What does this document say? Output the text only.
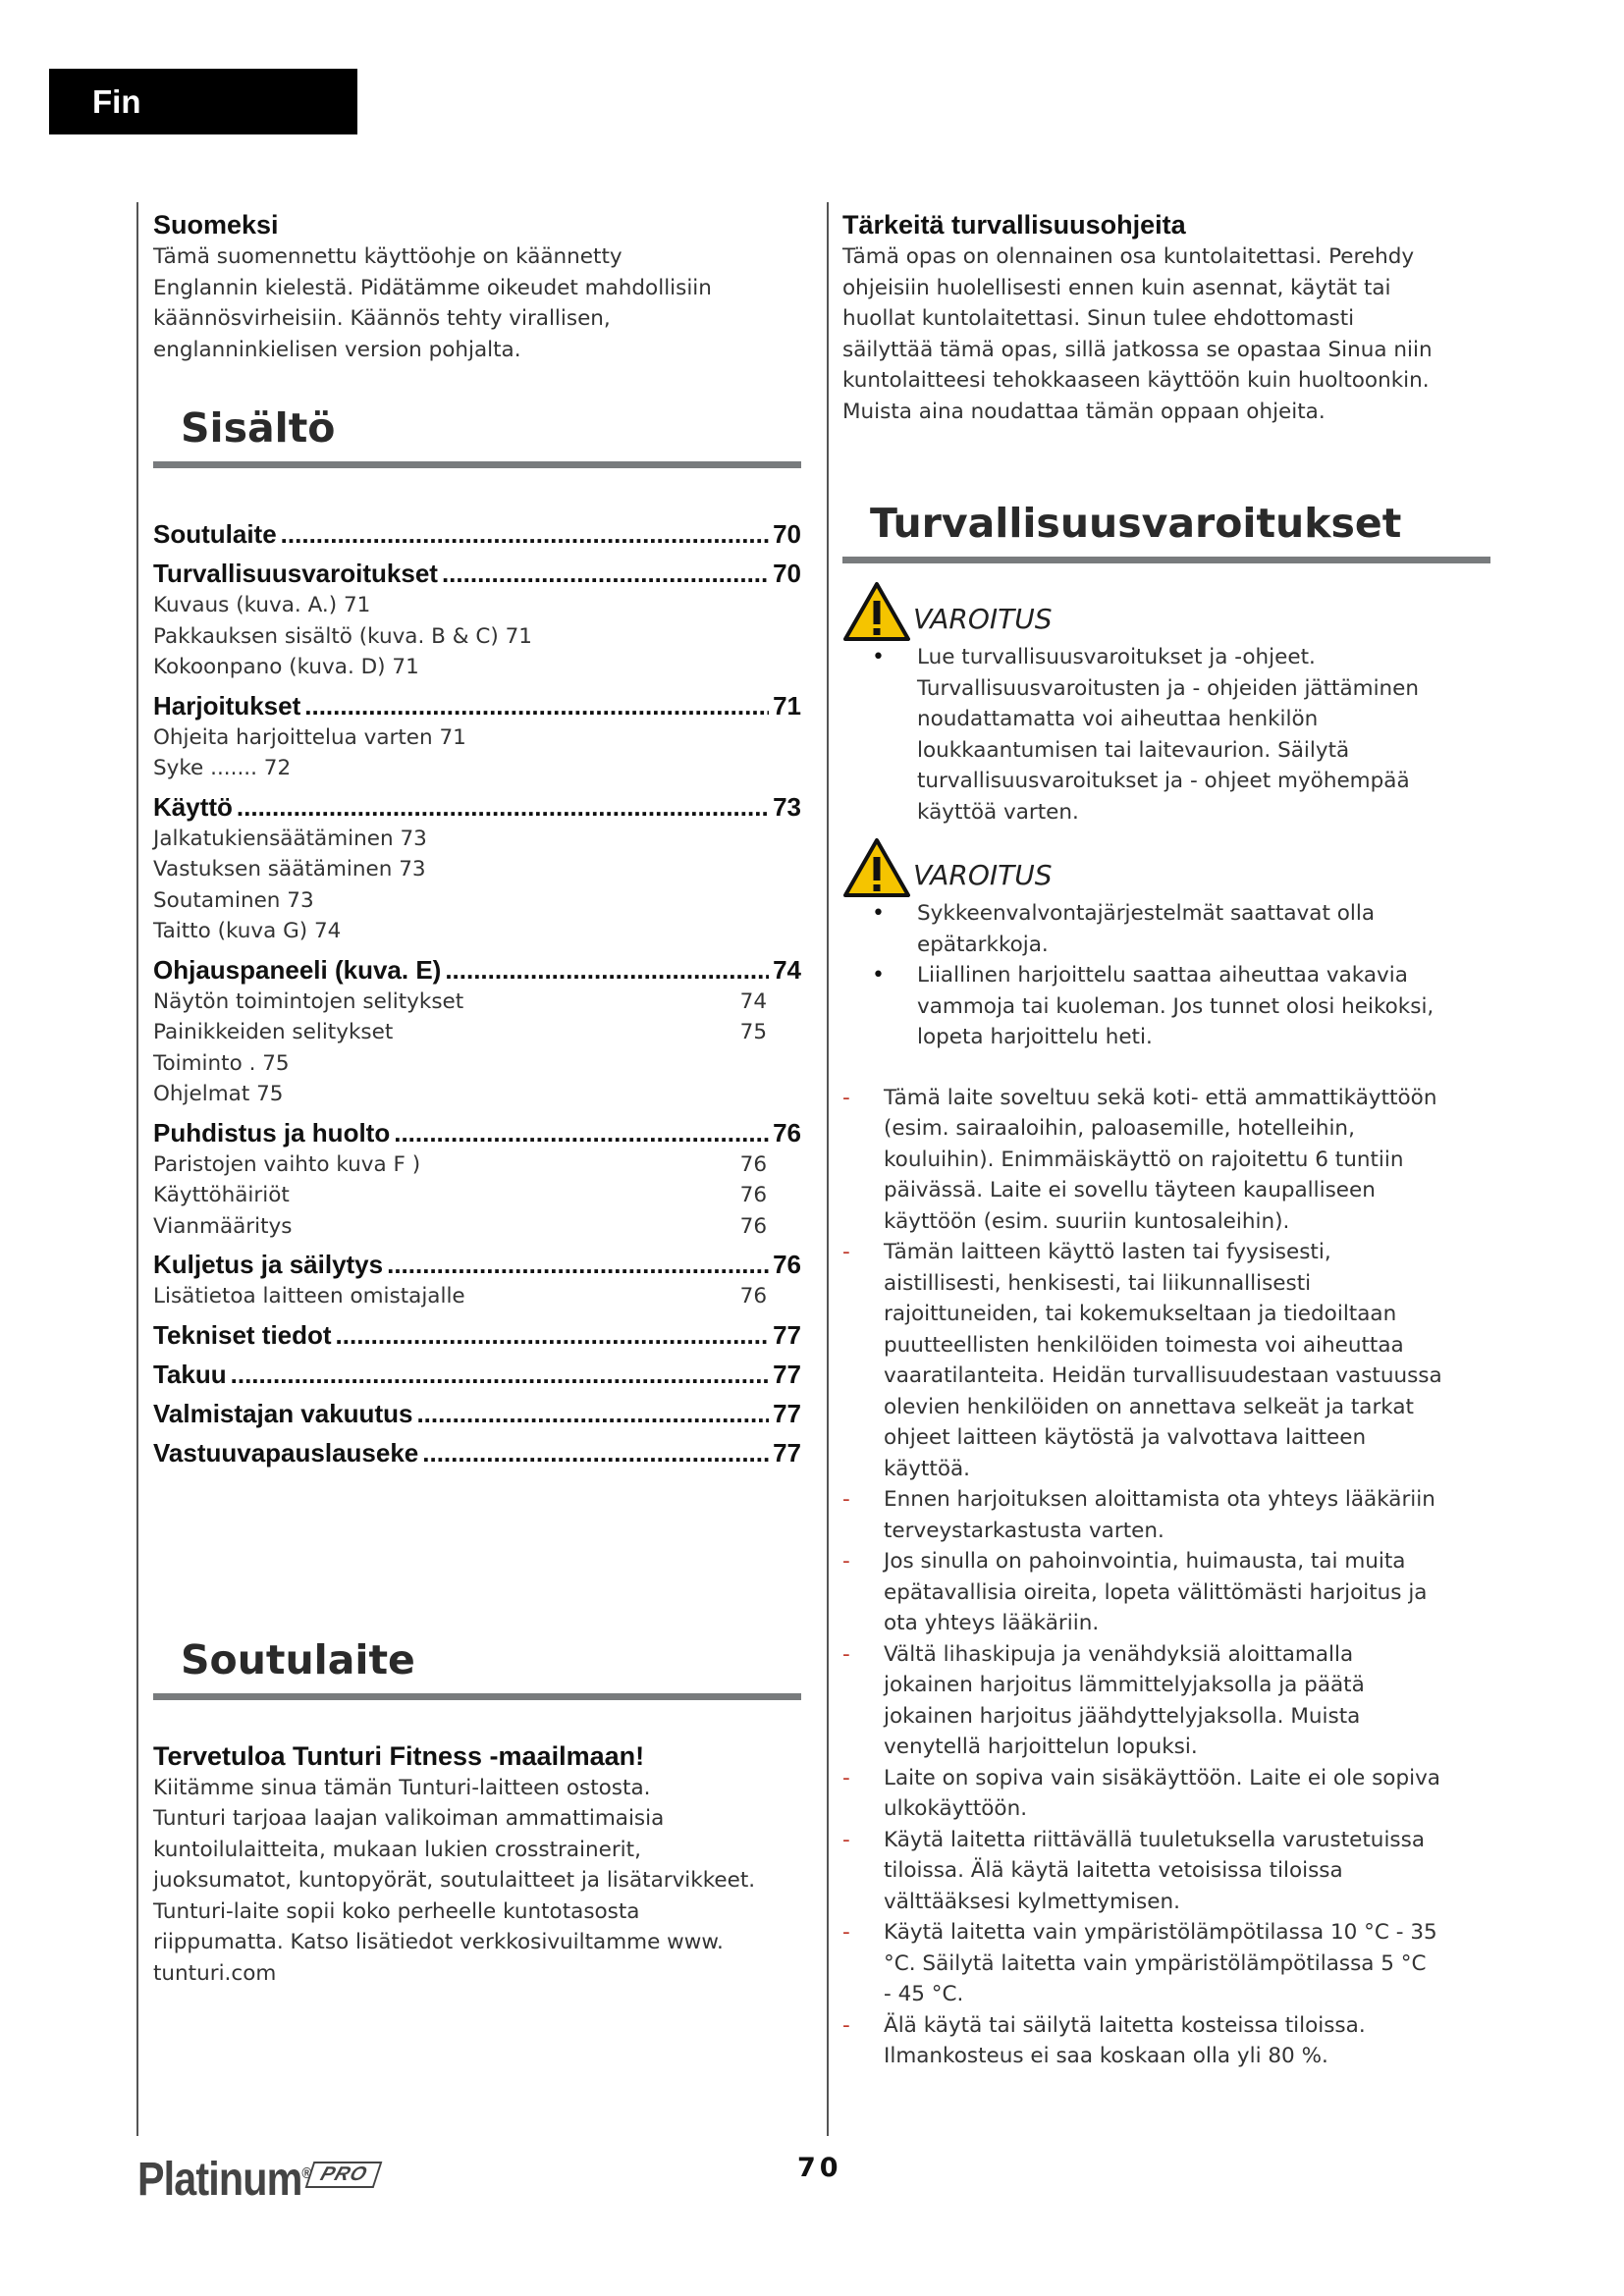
Fin
Suomeksi
Tämä suomennettu käyttöohje on käännetty
Englannin kielestä. Pidätämme oikeudet mahdollisiin
käännösvirheisiin. Käännös tehty virallisen,
englanninkielisen version pohjalta.
Sisältö
Soutulaite .....	70
Turvallisuusvaroitukset .....	70
Kuvaus (kuva. A.) 71
Pakkauksen sisältö (kuva. B & C) 71
Kokoonpano (kuva. D) 71
Harjoitukset .....	71
Ohjeita harjoittelua varten 71
Syke ....... 72
Käyttö .....	73
Jalkatukiensäätäminen 73
Vastuksen säätäminen 73
Soutaminen 73
Taitto (kuva G) 74
Ohjauspaneeli (kuva. E) .....	74
Näytön toimintojen selitykset	74
Painikkeiden selitykset	75
Toiminto . 75
Ohjelmat 75
Puhdistus ja huolto .....	76
Paristojen vaihto kuva F )	76
Käyttöhäiriöt	76
Vianmääritys	76
Kuljetus ja säilytys .....	76
Lisätietoa laitteen omistajalle	76
Tekniset tiedot .....	77
Takuu .....	77
Valmistajan vakuutus .....	77
Vastuuvapauslauseke .....	77
Soutulaite
Tervetuloa Tunturi Fitness -maailmaan!
Kiitämme sinua tämän Tunturi-laitteen ostosta.
Tunturi tarjoaa laajan valikoiman ammattimaisia
kuntoilulaitteita, mukaan lukien crosstrainerit,
juoksumatot, kuntopyörät, soutulaitteet ja lisätarvikkeet.
Tunturi-laite sopii koko perheelle kuntotasosta
riippumatta. Katso lisätiedot verkkosivuiltamme www.
tunturi.com
Tärkeitä turvallisuusohjeita
Tämä opas on olennainen osa kuntolaitettasi. Perehdy
ohjeisiin huolellisesti ennen kuin asennat, käytät tai
huollat kuntolaitettasi. Sinun tulee ehdottomasti
säilyttää tämä opas, sillä jatkossa se opastaa Sinua niin
kuntolaitteesi tehokkaaseen käyttöön kuin huoltoonkin.
Muista aina noudattaa tämän oppaan ohjeita.
Turvallisuusvaroitukset
VAROITUS
• Lue turvallisuusvaroitukset ja -ohjeet.
Turvallisuusvaroitusten ja - ohjeiden jättäminen
noudattamatta voi aiheuttaa henkilön
loukkaantumisen tai laitevaurion. Säilytä
turvallisuusvaroitukset ja - ohjeet myöhempää
käyttöä varten.
VAROITUS
• Sykkeenvalvontajärjestelmät saattavat olla
epätarkkoja.
• Liiallinen harjoittelu saattaa aiheuttaa vakavia
vammoja tai kuoleman. Jos tunnet olosi heikoksi,
lopeta harjoittelu heti.
- Tämä laite soveltuu sekä koti- että ammattikäyttöön
(esim. sairaaloihin, paloasemille, hotelleihin,
kouluihin). Enimmäiskäyttö on rajoitettu 6 tuntiin
päivässä. Laite ei sovellu täyteen kaupalliseen
käyttöön (esim. suuriin kuntosaleihin).
- Tämän laitteen käyttö lasten tai fyysisesti,
aistillisesti, henkisesti, tai liikunnallisesti
rajoittuneiden, tai kokemukseltaan ja tiedoiltaan
puutteellisten henkilöiden toimesta voi aiheuttaa
vaaratilanteita. Heidän turvallisuudestaan vastuussa
olevien henkilöiden on annettava selkeät ja tarkat
ohjeet laitteen käytöstä ja valvottava laitteen
käyttöä.
- Ennen harjoituksen aloittamista ota yhteys lääkäriin
terveystarkastusta varten.
- Jos sinulla on pahoinvointia, huimausta, tai muita
epätavallisia oireita, lopeta välittömästi harjoitus ja
ota yhteys lääkäriin.
- Vältä lihaskipuja ja venähdyksiä aloittamalla
jokainen harjoitus lämmittelyjaksolla ja päätä
jokainen harjoitus jäähdyttelyjaksolla. Muista
venytellä harjoittelun lopuksi.
- Laite on sopiva vain sisäkäyttöön. Laite ei ole sopiva
ulkokäyttöön.
- Käytä laitetta riittävällä tuuletuksella varustetuissa
tiloissa. Älä käytä laitetta vetoisissa tiloissa
välttääksesi kylmettymisen.
- Käytä laitetta vain ympäristölämpötilassa 10 °C - 35
°C. Säilytä laitetta vain ympäristölämpötilassa 5 °C
- 45 °C.
- Älä käytä tai säilytä laitetta kosteissa tiloissa.
Ilmankosteus ei saa koskaan olla yli 80 %.
Platinum® PRO	70
